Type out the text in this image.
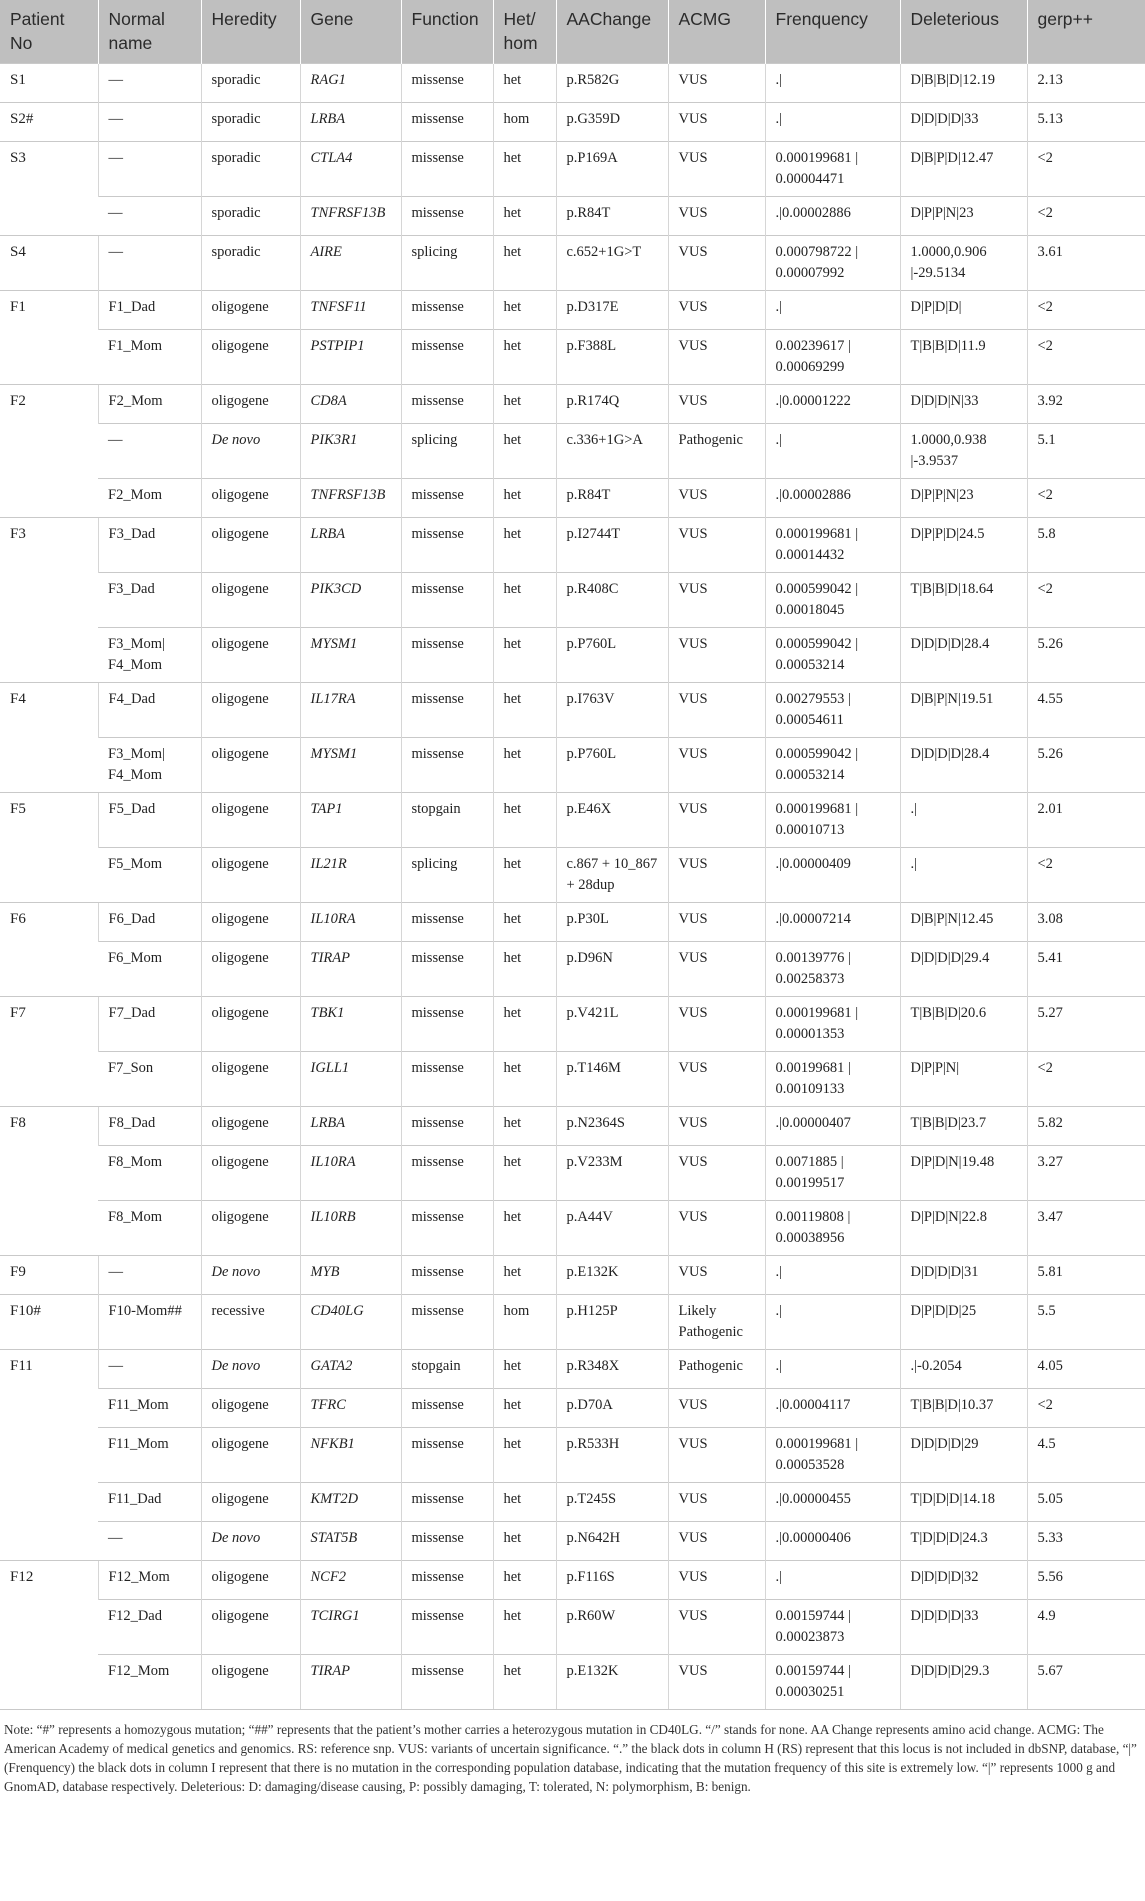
Patient No	Normal name	Heredity	Gene	Function	Het/ hom	AAChange	ACMG	Frenquency	Deleterious	gerp++
S1	—	sporadic	RAG1	missense	het	p.R582G	VUS	.|	D|B|B|D|12.19	2.13
S2#	—	sporadic	LRBA	missense	hom	p.G359D	VUS	.|	D|D|D|D|33	5.13
S3	—	sporadic	CTLA4	missense	het	p.P169A	VUS	0.000199681 | 0.00004471	D|B|P|D|12.47	<2
	—	sporadic	TNFRSF13B	missense	het	p.R84T	VUS	.|0.00002886	D|P|P|N|23	<2
S4	—	sporadic	AIRE	splicing	het	c.652+1G>T	VUS	0.000798722 | 0.00007992	1.0000,0.906 |-29.5134	3.61
F1	F1_Dad	oligogene	TNFSF11	missense	het	p.D317E	VUS	.|	D|P|D|D|	<2
	F1_Mom	oligogene	PSTPIP1	missense	het	p.F388L	VUS	0.00239617 | 0.00069299	T|B|B|D|11.9	<2
F2	F2_Mom	oligogene	CD8A	missense	het	p.R174Q	VUS	.|0.00001222	D|D|D|N|33	3.92
	—	De novo	PIK3R1	splicing	het	c.336+1G>A	Pathogenic	.|	1.0000,0.938 |-3.9537	5.1
	F2_Mom	oligogene	TNFRSF13B	missense	het	p.R84T	VUS	.|0.00002886	D|P|P|N|23	<2
F3	F3_Dad	oligogene	LRBA	missense	het	p.I2744T	VUS	0.000199681 | 0.00014432	D|P|P|D|24.5	5.8
	F3_Dad	oligogene	PIK3CD	missense	het	p.R408C	VUS	0.000599042 | 0.00018045	T|B|B|D|18.64	<2
	F3_Mom| F4_Mom	oligogene	MYSM1	missense	het	p.P760L	VUS	0.000599042 | 0.00053214	D|D|D|D|28.4	5.26
F4	F4_Dad	oligogene	IL17RA	missense	het	p.I763V	VUS	0.00279553 | 0.00054611	D|B|P|N|19.51	4.55
	F3_Mom| F4_Mom	oligogene	MYSM1	missense	het	p.P760L	VUS	0.000599042 | 0.00053214	D|D|D|D|28.4	5.26
F5	F5_Dad	oligogene	TAP1	stopgain	het	p.E46X	VUS	0.000199681 | 0.00010713	.|	2.01
	F5_Mom	oligogene	IL21R	splicing	het	c.867 + 10_867 + 28dup	VUS	.|0.00000409	.|	<2
F6	F6_Dad	oligogene	IL10RA	missense	het	p.P30L	VUS	.|0.00007214	D|B|P|N|12.45	3.08
	F6_Mom	oligogene	TIRAP	missense	het	p.D96N	VUS	0.00139776 | 0.00258373	D|D|D|D|29.4	5.41
F7	F7_Dad	oligogene	TBK1	missense	het	p.V421L	VUS	0.000199681 | 0.00001353	T|B|B|D|20.6	5.27
	F7_Son	oligogene	IGLL1	missense	het	p.T146M	VUS	0.00199681 | 0.00109133	D|P|P|N|	<2
F8	F8_Dad	oligogene	LRBA	missense	het	p.N2364S	VUS	.|0.00000407	T|B|B|D|23.7	5.82
	F8_Mom	oligogene	IL10RA	missense	het	p.V233M	VUS	0.0071885 | 0.00199517	D|P|D|N|19.48	3.27
	F8_Mom	oligogene	IL10RB	missense	het	p.A44V	VUS	0.00119808 | 0.00038956	D|P|D|N|22.8	3.47
F9	—	De novo	MYB	missense	het	p.E132K	VUS	.|	D|D|D|D|31	5.81
F10#	F10-Mom##	recessive	CD40LG	missense	hom	p.H125P	Likely Pathogenic	.|	D|P|D|D|25	5.5
F11	—	De novo	GATA2	stopgain	het	p.R348X	Pathogenic	.|	.|-0.2054	4.05
	F11_Mom	oligogene	TFRC	missense	het	p.D70A	VUS	.|0.00004117	T|B|B|D|10.37	<2
	F11_Mom	oligogene	NFKB1	missense	het	p.R533H	VUS	0.000199681 | 0.00053528	D|D|D|D|29	4.5
	F11_Dad	oligogene	KMT2D	missense	het	p.T245S	VUS	.|0.00000455	T|D|D|D|14.18	5.05
	—	De novo	STAT5B	missense	het	p.N642H	VUS	.|0.00000406	T|D|D|D|24.3	5.33
F12	F12_Mom	oligogene	NCF2	missense	het	p.F116S	VUS	.|	D|D|D|D|32	5.56
	F12_Dad	oligogene	TCIRG1	missense	het	p.R60W	VUS	0.00159744 | 0.00023873	D|D|D|D|33	4.9
	F12_Mom	oligogene	TIRAP	missense	het	p.E132K	VUS	0.00159744 | 0.00030251	D|D|D|D|29.3	5.67
Note: “#” represents a homozygous mutation; “##” represents that the patient’s mother carries a heterozygous mutation in CD40LG. “/” stands for none. AA Change represents amino acid change. ACMG: The American Academy of medical genetics and genomics. RS: reference snp. VUS: variants of uncertain significance. “.” the black dots in column H (RS) represent that this locus is not included in dbSNP, database, “|” (Frenquency) the black dots in column I represent that there is no mutation in the corresponding population database, indicating that the mutation frequency of this site is extremely low. “|” represents 1000 g and GnomAD, database respectively. Deleterious: D: damaging/disease causing, P: possibly damaging, T: tolerated, N: polymorphism, B: benign.
